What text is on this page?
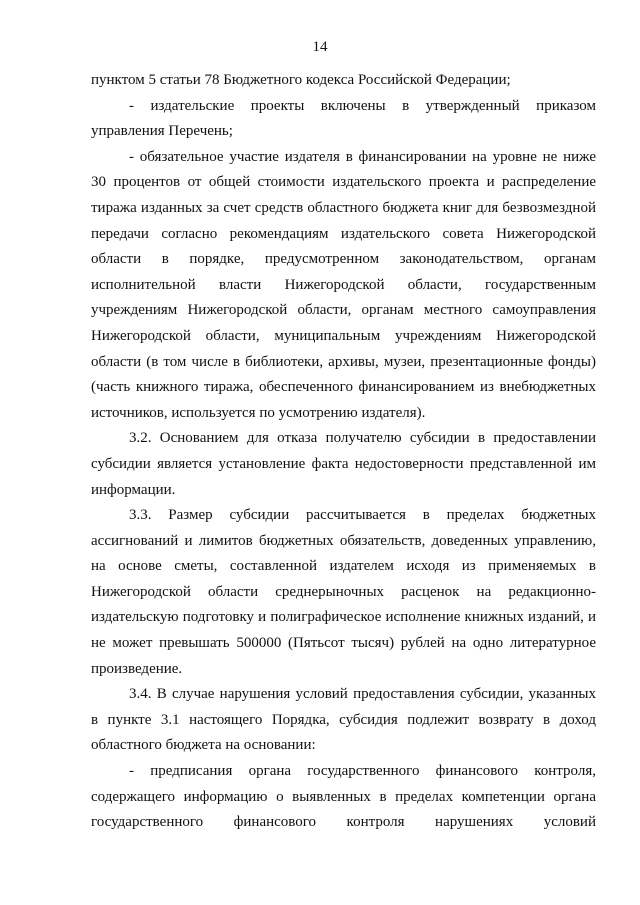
14

пунктом 5 статьи 78 Бюджетного кодекса Российской Федерации;

- издательские проекты включены в утвержденный приказом управления Перечень;

- обязательное участие издателя в финансировании на уровне не ниже 30 процентов от общей стоимости издательского проекта и распределение тиража изданных за счет средств областного бюджета книг для безвозмездной передачи согласно рекомендациям издательского совета Нижегородской области в порядке, предусмотренном законодательством, органам исполнительной власти Нижегородской области, государственным учреждениям Нижегородской области, органам местного самоуправления Нижегородской области, муниципальным учреждениям Нижегородской области (в том числе в библиотеки, архивы, музеи, презентационные фонды) (часть книжного тиража, обеспеченного финансированием из внебюджетных источников, используется по усмотрению издателя).

3.2. Основанием для отказа получателю субсидии в предоставлении субсидии является установление факта недостоверности представленной им информации.

3.3. Размер субсидии рассчитывается в пределах бюджетных ассигнований и лимитов бюджетных обязательств, доведенных управлению, на основе сметы, составленной издателем исходя из применяемых в Нижегородской области среднерыночных расценок на редакционно-издательскую подготовку и полиграфическое исполнение книжных изданий, и не может превышать 500000 (Пятьсот тысяч) рублей на одно литературное произведение.

3.4. В случае нарушения условий предоставления субсидии, указанных в пункте 3.1 настоящего Порядка, субсидия подлежит возврату в доход областного бюджета на основании:

- предписания органа государственного финансового контроля, содержащего информацию о выявленных в пределах компетенции органа государственного финансового контроля нарушениях условий
